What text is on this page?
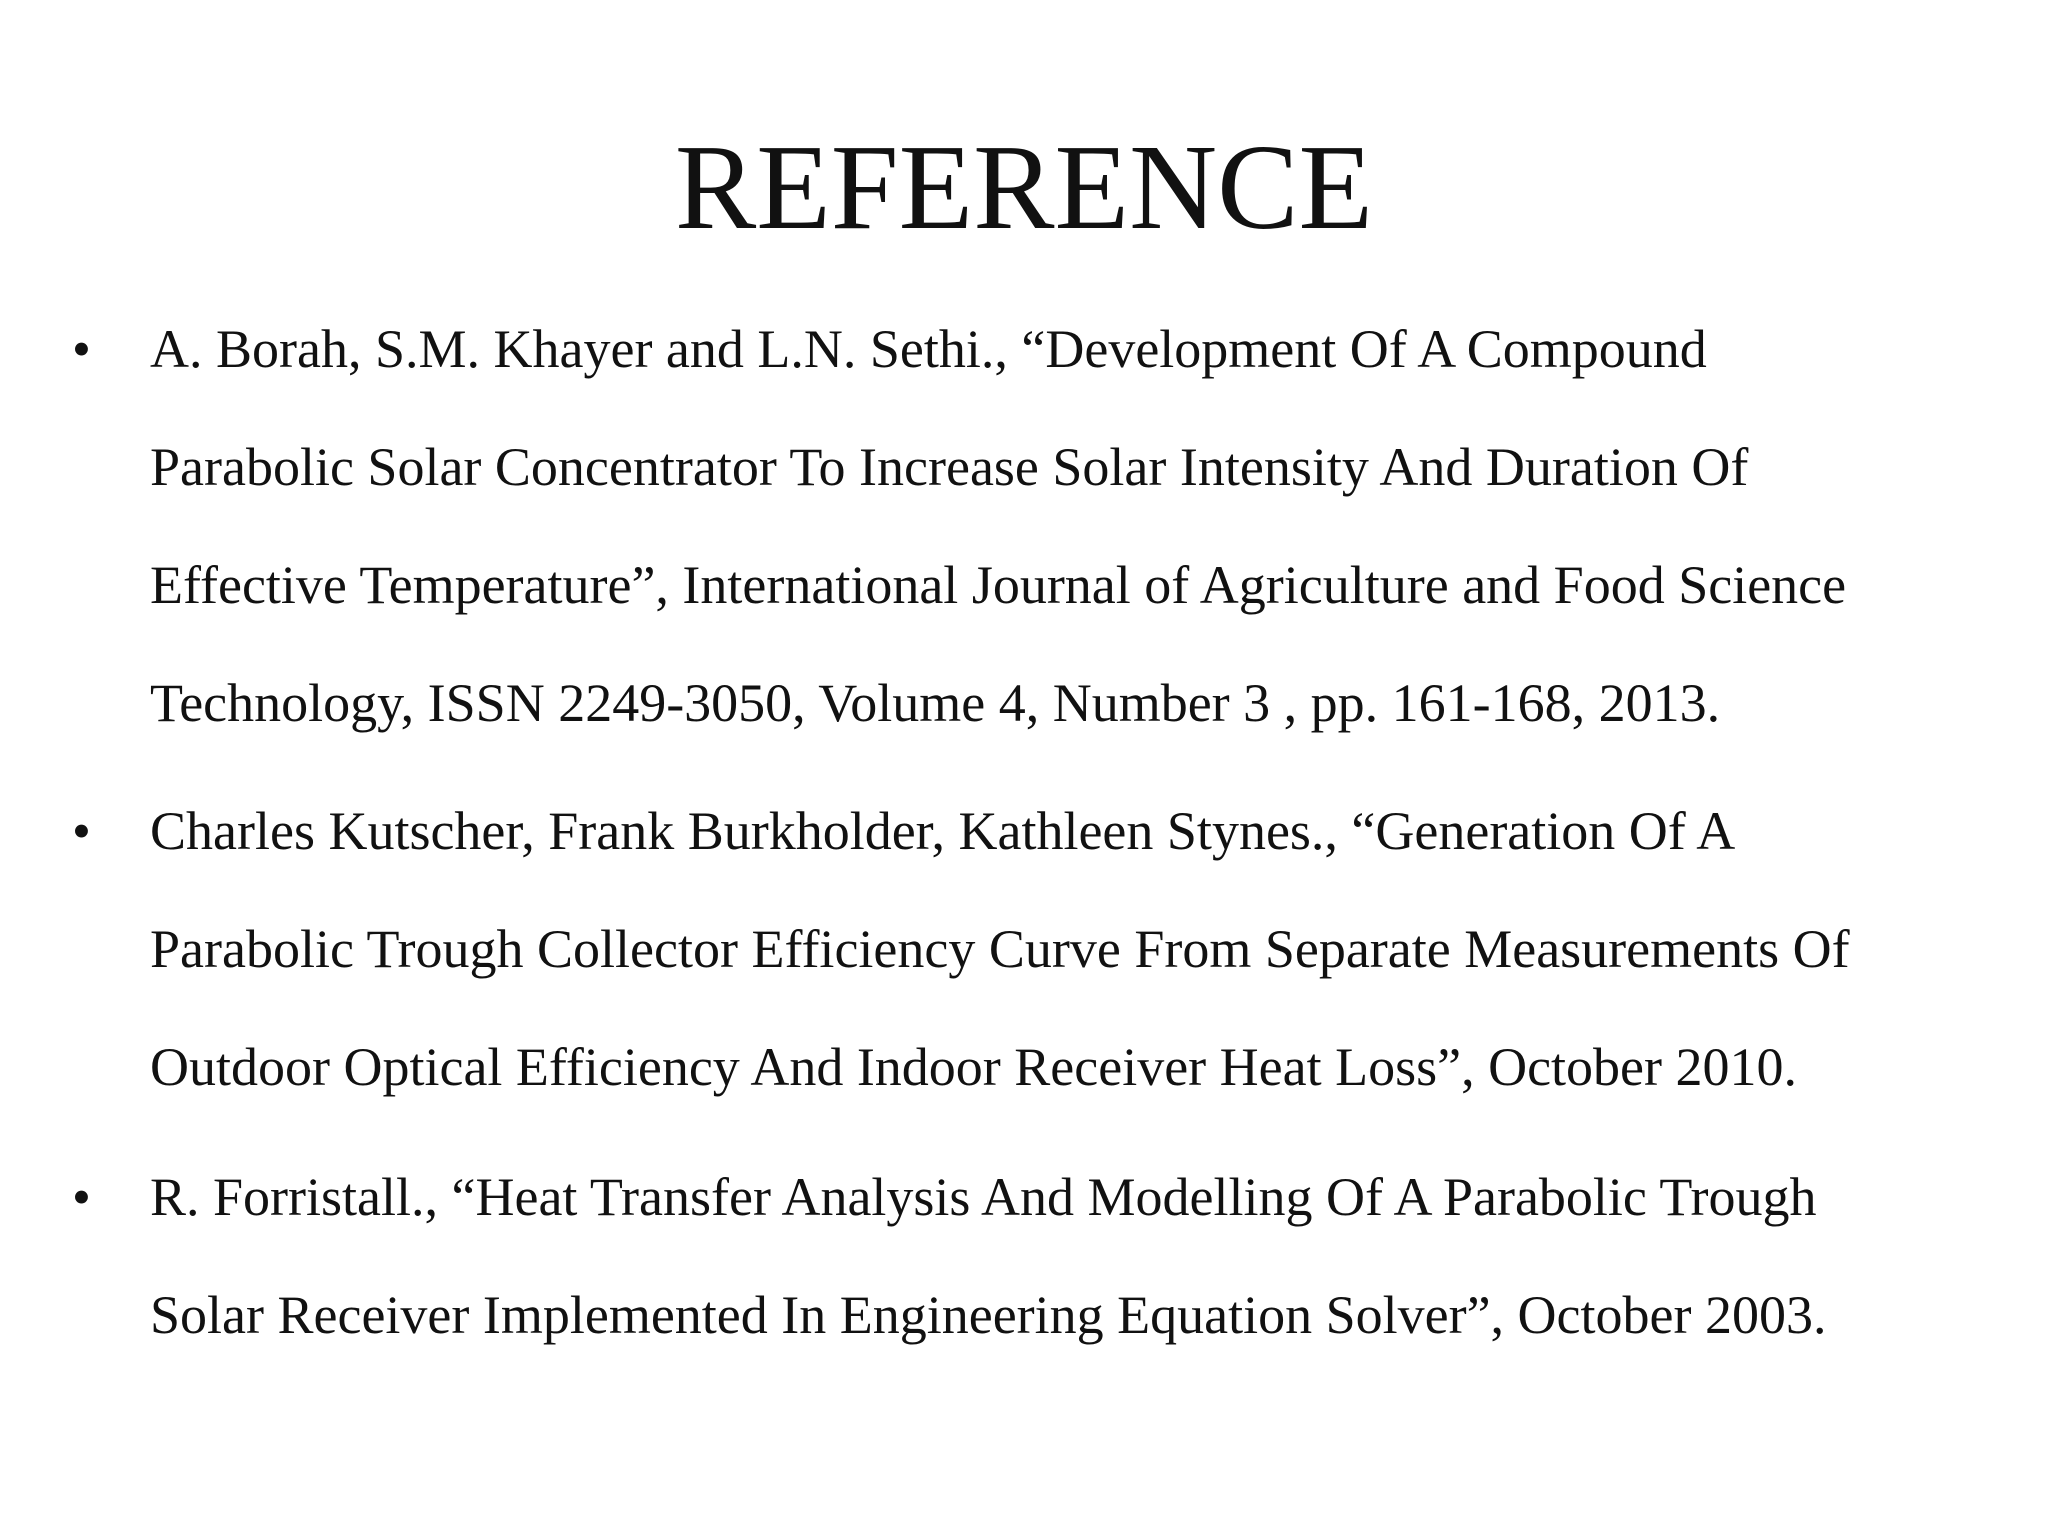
REFERENCE
• A. Borah, S.M. Khayer and L.N. Sethi., “Development Of A Compound
Parabolic Solar Concentrator To Increase Solar Intensity And Duration Of
Effective Temperature”, International Journal of Agriculture and Food Science
Technology, ISSN 2249-3050, Volume 4, Number 3 , pp. 161-168, 2013.
• Charles Kutscher, Frank Burkholder, Kathleen Stynes., “Generation Of A
Parabolic Trough Collector Efficiency Curve From Separate Measurements Of
Outdoor Optical Efficiency And Indoor Receiver Heat Loss”, October 2010.
• R. Forristall., “Heat Transfer Analysis And Modelling Of A Parabolic Trough
Solar Receiver Implemented In Engineering Equation Solver”, October 2003.
